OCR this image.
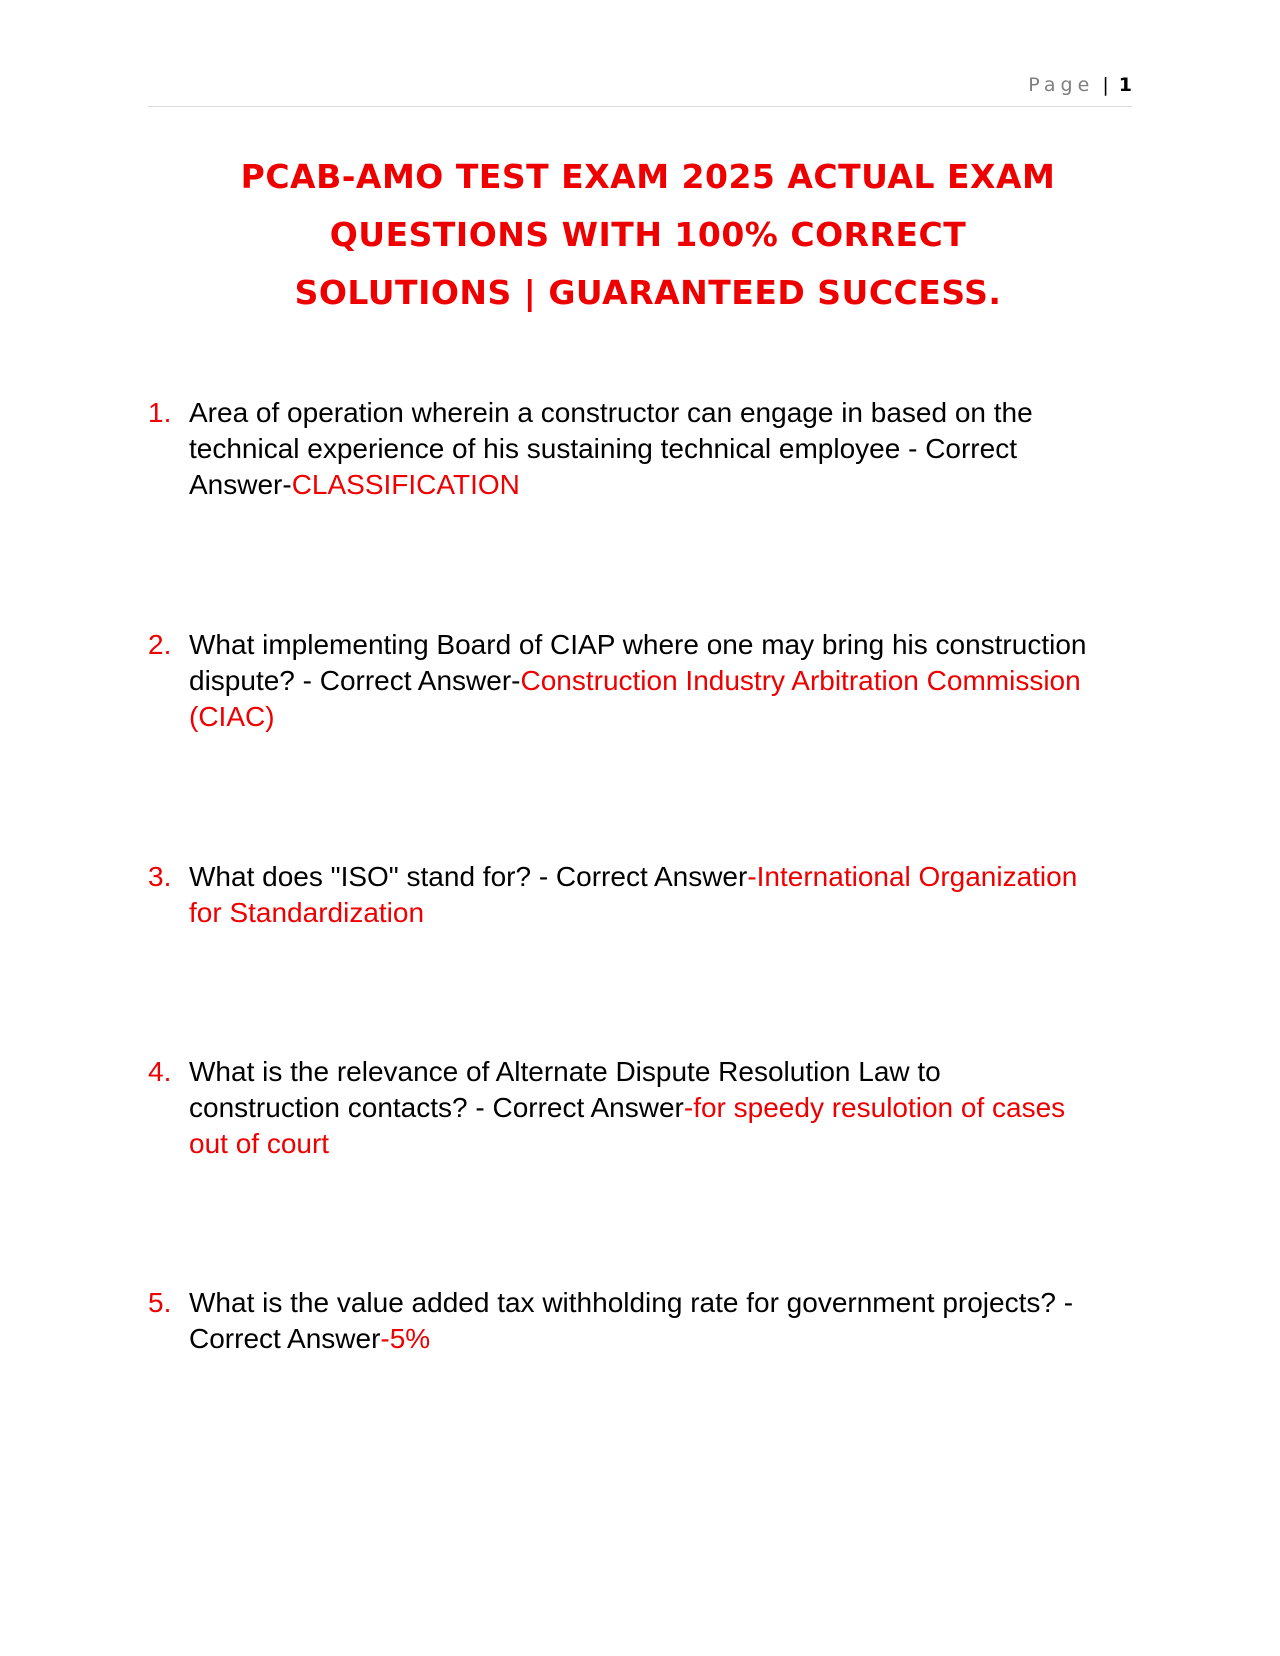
Page | 1
PCAB-AMO TEST EXAM 2025 ACTUAL EXAM
QUESTIONS WITH 100% CORRECT
SOLUTIONS | GUARANTEED SUCCESS.
1. Area of operation wherein a constructor can engage in based on the
technical experience of his sustaining technical employee - Correct
Answer-CLASSIFICATION
2. What implementing Board of CIAP where one may bring his construction
dispute? - Correct Answer-Construction Industry Arbitration Commission
(CIAC)
3. What does "ISO" stand for? - Correct Answer-International Organization
for Standardization
4. What is the relevance of Alternate Dispute Resolution Law to
construction contacts? - Correct Answer-for speedy resulotion of cases
out of court
5. What is the value added tax withholding rate for government projects? -
Correct Answer-5%
